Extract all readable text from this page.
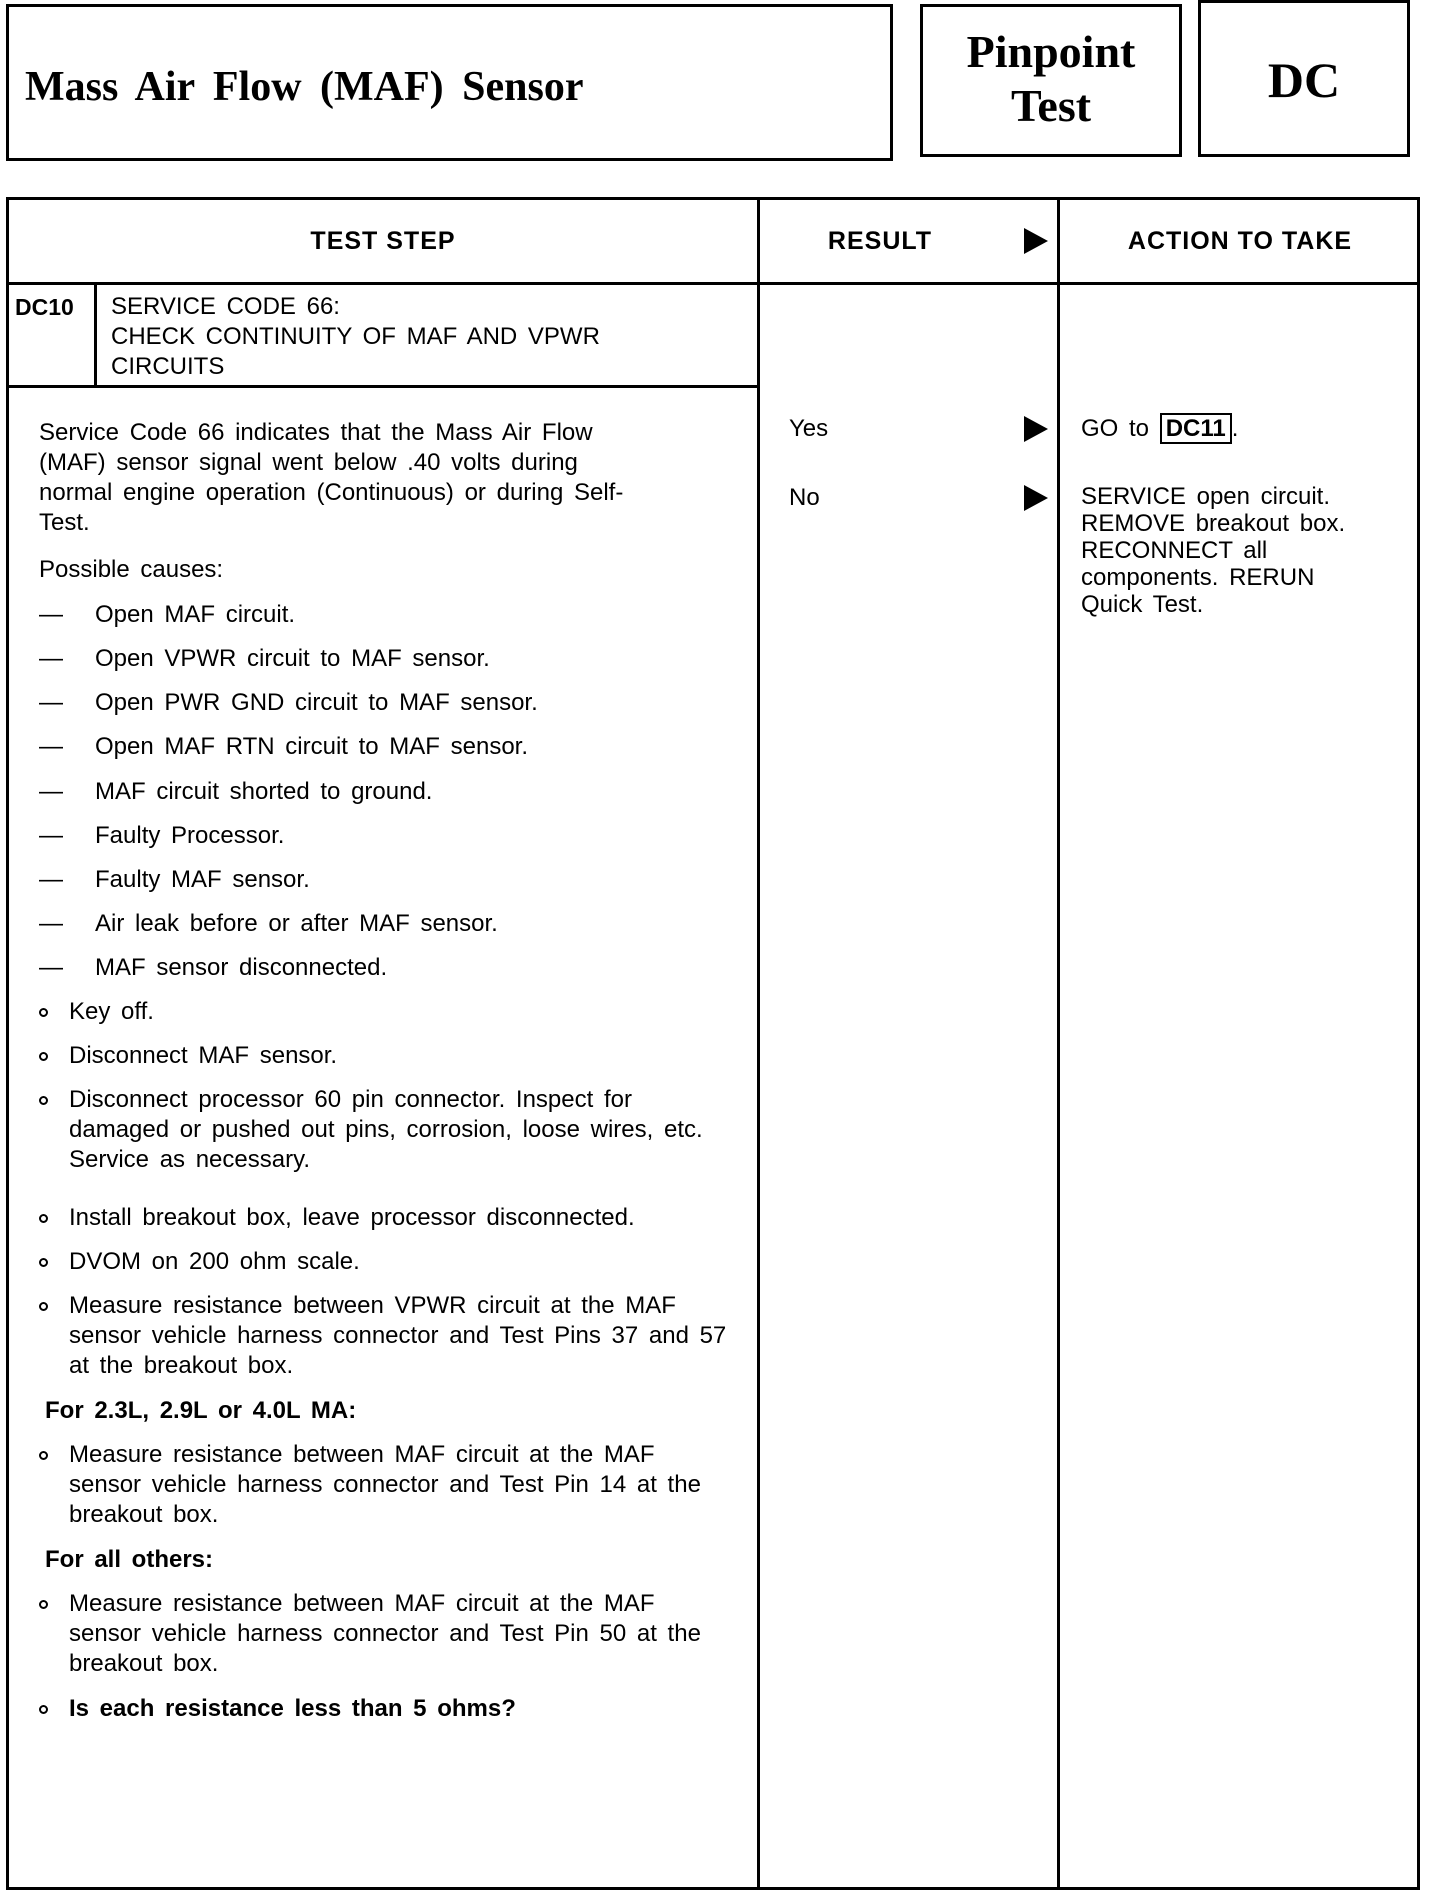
Mass Air Flow (MAF) Sensor
Pinpoint
Test	DC
TEST STEP	RESULT	ACTION TO TAKE
DC10 SERVICE CODE 66:
CHECK CONTINUITY OF MAF AND VPWR
CIRCUITS
Service Code 66 indicates that the Mass Air Flow
(MAF) sensor signal went below .40 volts during
normal engine operation (Continuous) or during Self-
Test.
Possible causes:
— Open MAF circuit.
— Open VPWR circuit to MAF sensor.
— Open PWR GND circuit to MAF sensor.
— Open MAF RTN circuit to MAF sensor.
— MAF circuit shorted to ground.
— Faulty Processor.
— Faulty MAF sensor.
— Air leak before or after MAF sensor.
— MAF sensor disconnected.
Key off.
Disconnect MAF sensor.
Disconnect processor 60 pin connector. Inspect for damaged or pushed out pins, corrosion, loose wires, etc. Service as necessary.
Install breakout box, leave processor disconnected.
DVOM on 200 ohm scale.
Measure resistance between VPWR circuit at the MAF sensor vehicle harness connector and Test Pins 37 and 57 at the breakout box.
For 2.3L, 2.9L or 4.0L MA:
Measure resistance between MAF circuit at the MAF sensor vehicle harness connector and Test Pin 14 at the breakout box.
For all others:
Measure resistance between MAF circuit at the MAF sensor vehicle harness connector and Test Pin 50 at the breakout box.
Is each resistance less than 5 ohms?
Yes	GO to DC11 .
No	SERVICE open circuit.
REMOVE breakout box.
RECONNECT all
components. RERUN
Quick Test.
